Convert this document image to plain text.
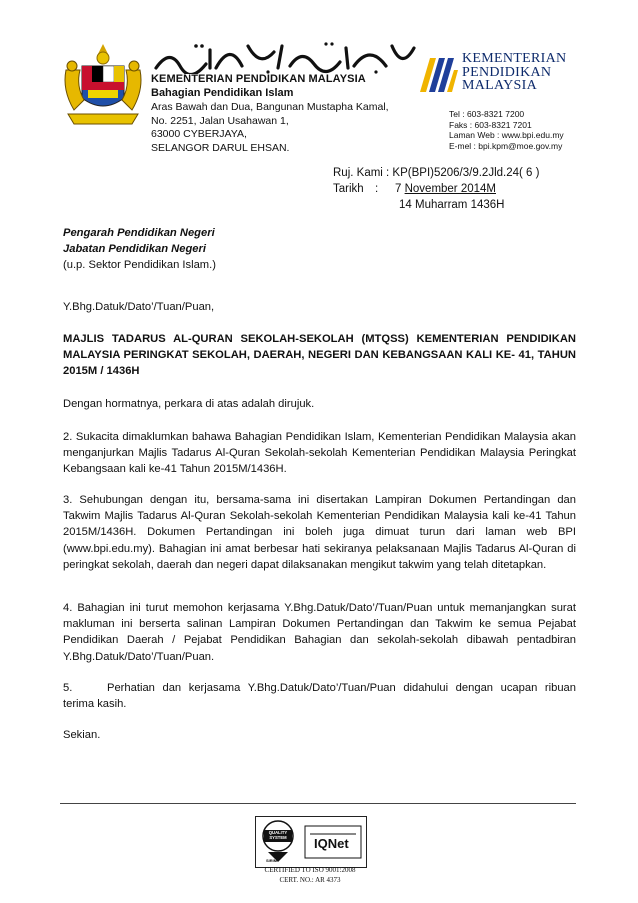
KEMENTERIAN PENDIDIKAN MALAYSIA
Bahagian Pendidikan Islam
Aras Bawah dan Dua, Bangunan Mustapha Kamal,
No. 2251, Jalan Usahawan 1,
63000 CYBERJAYA,
SELANGOR DARUL EHSAN.
KEMENTERIAN
PENDIDIKAN
MALAYSIA
Tel : 603-8321 7200
Faks : 603-8321 7201
Laman Web : www.bpi.edu.my
E-mel : bpi.kpm@moe.gov.my
Ruj. Kami : KP(BPI)5206/3/9.2Jld.24( 6 )
Tarikh :	7 November 2014M
14 Muharram 1436H
Pengarah Pendidikan Negeri
Jabatan Pendidikan Negeri
(u.p. Sektor Pendidikan Islam.)
Y.Bhg.Datuk/Dato’/Tuan/Puan,
MAJLIS TADARUS AL-QURAN SEKOLAH-SEKOLAH (MTQSS) KEMENTERIAN PENDIDIKAN MALAYSIA PERINGKAT SEKOLAH, DAERAH, NEGERI DAN KEBANGSAAN KALI KE- 41, TAHUN 2015M / 1436H
Dengan hormatnya, perkara di atas adalah dirujuk.
2. Sukacita dimaklumkan bahawa Bahagian Pendidikan Islam, Kementerian Pendidikan Malaysia akan menganjurkan Majlis Tadarus Al-Quran Sekolah-sekolah Kementerian Pendidikan Malaysia Peringkat Kebangsaan kali ke-41 Tahun 2015M/1436H.
3. Sehubungan dengan itu, bersama-sama ini disertakan Lampiran Dokumen Pertandingan dan Takwim Majlis Tadarus Al-Quran Sekolah-sekolah Kementerian Pendidikan Malaysia kali ke-41 Tahun 2015M/1436H. Dokumen Pertandingan ini boleh juga dimuat turun dari laman web BPI (www.bpi.edu.my). Bahagian ini amat berbesar hati sekiranya pelaksanaan Majlis Tadarus Al-Quran di peringkat sekolah, daerah dan negeri dapat dilaksanakan mengikut takwim yang telah ditetapkan.
4. Bahagian ini turut memohon kerjasama Y.Bhg.Datuk/Dato’/Tuan/Puan untuk memanjangkan surat makluman ini berserta salinan Lampiran Dokumen Pertandingan dan Takwim ke semua Pejabat Pendidikan Daerah / Pejabat Pendidikan Bahagian dan sekolah-sekolah dibawah pentadbiran Y.Bhg.Datuk/Dato’/Tuan/Puan.
5.	Perhatian dan kerjasama Y.Bhg.Datuk/Dato’/Tuan/Puan didahului dengan ucapan ribuan terima kasih.
Sekian.
QUALITY SYSTEM
SIRIM
IQNet
CERTIFIED TO ISO 9001:2008
CERT. NO.: AR 4373
